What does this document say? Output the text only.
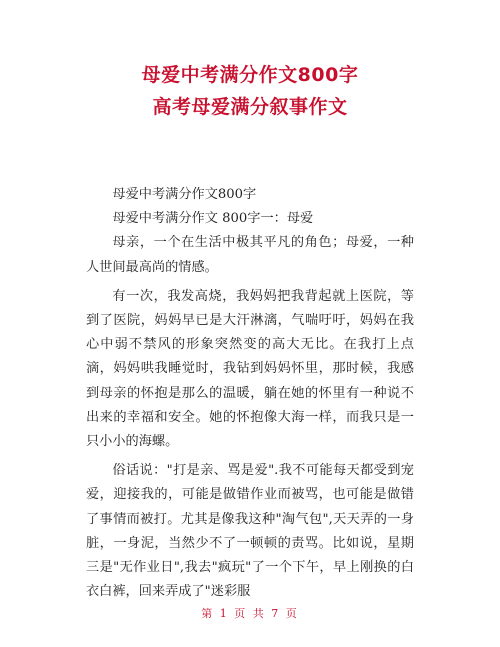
母爱中考满分作文800字
高考母爱满分叙事作文

母爱中考满分作文800字

母爱中考满分作文 800字一：母爱

母亲，一个在生活中极其平凡的角色；母爱，一种人世间最高尚的情感。

有一次，我发高烧，我妈妈把我背起就上医院，等到了医院，妈妈早已是大汗淋漓，气喘吁吁，妈妈在我心中弱不禁风的形象突然变的高大无比。在我打上点滴，妈妈哄我睡觉时，我钻到妈妈怀里，那时候，我感到母亲的怀抱是那么的温暖，躺在她的怀里有一种说不出来的幸福和安全。她的怀抱像大海一样，而我只是一只小小的海螺。

俗话说："打是亲、骂是爱".我不可能每天都受到宠爱，迎接我的，可能是做错作业而被骂，也可能是做错了事情而被打。尤其是像我这种"淘气包",天天弄的一身脏，一身泥，当然少不了一顿顿的责骂。比如说，星期三是"无作业日",我去"疯玩"了一个下午，早上刚换的白衣白裤，回来弄成了"迷彩服

第 1 页 共 7 页
